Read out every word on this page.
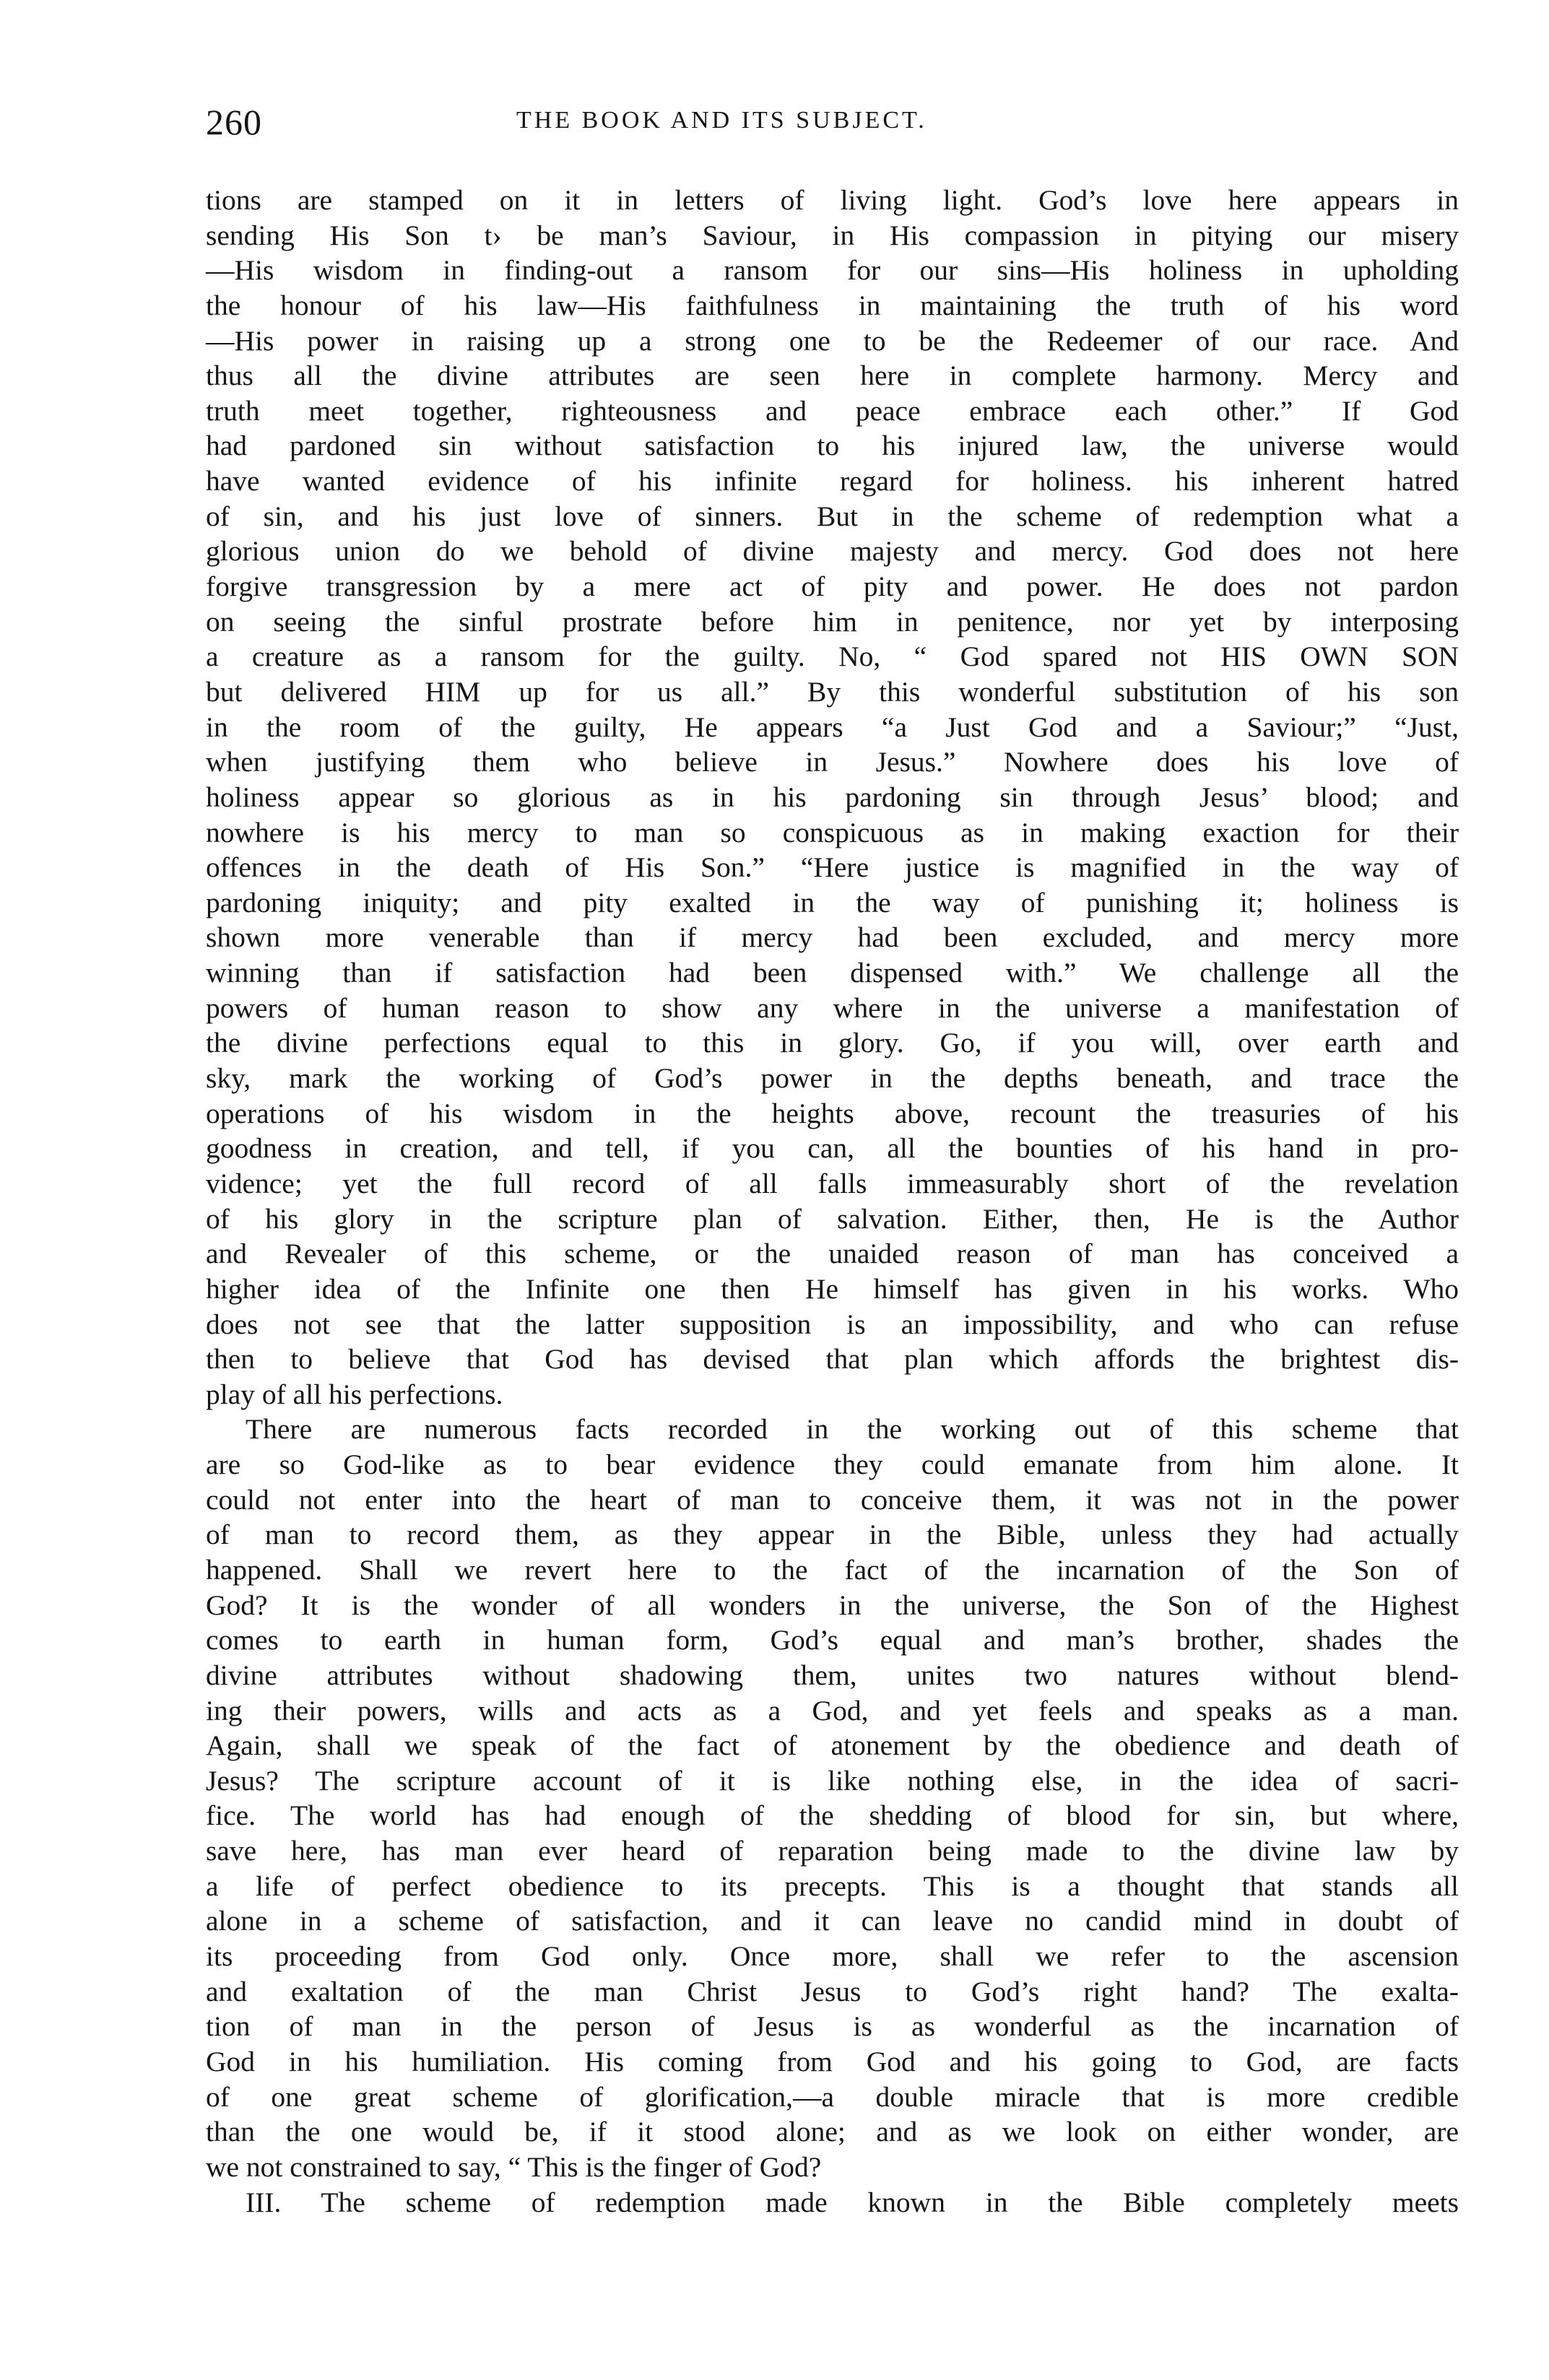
260	THE BOOK AND ITS SUBJECT.
tions are stamped on it in letters of living light. God’s love here appears in
sending His Son t› be man’s Saviour, in His compassion in pitying our misery
—His wisdom in finding-out a ransom for our sins—His holiness in upholding
the honour of his law—His faithfulness in maintaining the truth of his word
—His power in raising up a strong one to be the Redeemer of our race. And
thus all the divine attributes are seen here in complete harmony. Mercy and
truth meet together, righteousness and peace embrace each other.” If God
had pardoned sin without satisfaction to his injured law, the universe would
have wanted evidence of his infinite regard for holiness. his inherent hatred
of sin, and his just love of sinners. But in the scheme of redemption what a
glorious union do we behold of divine majesty and mercy. God does not here
forgive transgression by a mere act of pity and power. He does not pardon
on seeing the sinful prostrate before him in penitence, nor yet by interposing
a creature as a ransom for the guilty. No, “ God spared not HIS OWN SON
but delivered HIM up for us all.” By this wonderful substitution of his son
in the room of the guilty, He appears “a Just God and a Saviour;” “Just,
when justifying them who believe in Jesus.” Nowhere does his love of
holiness appear so glorious as in his pardoning sin through Jesus’ blood; and
nowhere is his mercy to man so conspicuous as in making exaction for their
offences in the death of His Son.” “Here justice is magnified in the way of
pardoning iniquity; and pity exalted in the way of punishing it; holiness is
shown more venerable than if mercy had been excluded, and mercy more
winning than if satisfaction had been dispensed with.” We challenge all the
powers of human reason to show any where in the universe a manifestation of
the divine perfections equal to this in glory. Go, if you will, over earth and
sky, mark the working of God’s power in the depths beneath, and trace the
operations of his wisdom in the heights above, recount the treasuries of his
goodness in creation, and tell, if you can, all the bounties of his hand in pro-
vidence; yet the full record of all falls immeasurably short of the revelation
of his glory in the scripture plan of salvation. Either, then, He is the Author
and Revealer of this scheme, or the unaided reason of man has conceived a
higher idea of the Infinite one then He himself has given in his works. Who
does not see that the latter supposition is an impossibility, and who can refuse
then to believe that God has devised that plan which affords the brightest dis-
play of all his perfections.
There are numerous facts recorded in the working out of this scheme that
are so God-like as to bear evidence they could emanate from him alone. It
could not enter into the heart of man to conceive them, it was not in the power
of man to record them, as they appear in the Bible, unless they had actually
happened. Shall we revert here to the fact of the incarnation of the Son of
God? It is the wonder of all wonders in the universe, the Son of the Highest
comes to earth in human form, God’s equal and man’s brother, shades the
divine attributes without shadowing them, unites two natures without blend-
ing their powers, wills and acts as a God, and yet feels and speaks as a man.
Again, shall we speak of the fact of atonement by the obedience and death of
Jesus? The scripture account of it is like nothing else, in the idea of sacri-
fice. The world has had enough of the shedding of blood for sin, but where,
save here, has man ever heard of reparation being made to the divine law by
a life of perfect obedience to its precepts. This is a thought that stands all
alone in a scheme of satisfaction, and it can leave no candid mind in doubt of
its proceeding from God only. Once more, shall we refer to the ascension
and exaltation of the man Christ Jesus to God’s right hand? The exalta-
tion of man in the person of Jesus is as wonderful as the incarnation of
God in his humiliation. His coming from God and his going to God, are facts
of one great scheme of glorification,—a double miracle that is more credible
than the one would be, if it stood alone; and as we look on either wonder, are
we not constrained to say, “ This is the finger of God?
III. The scheme of redemption made known in the Bible completely meets
